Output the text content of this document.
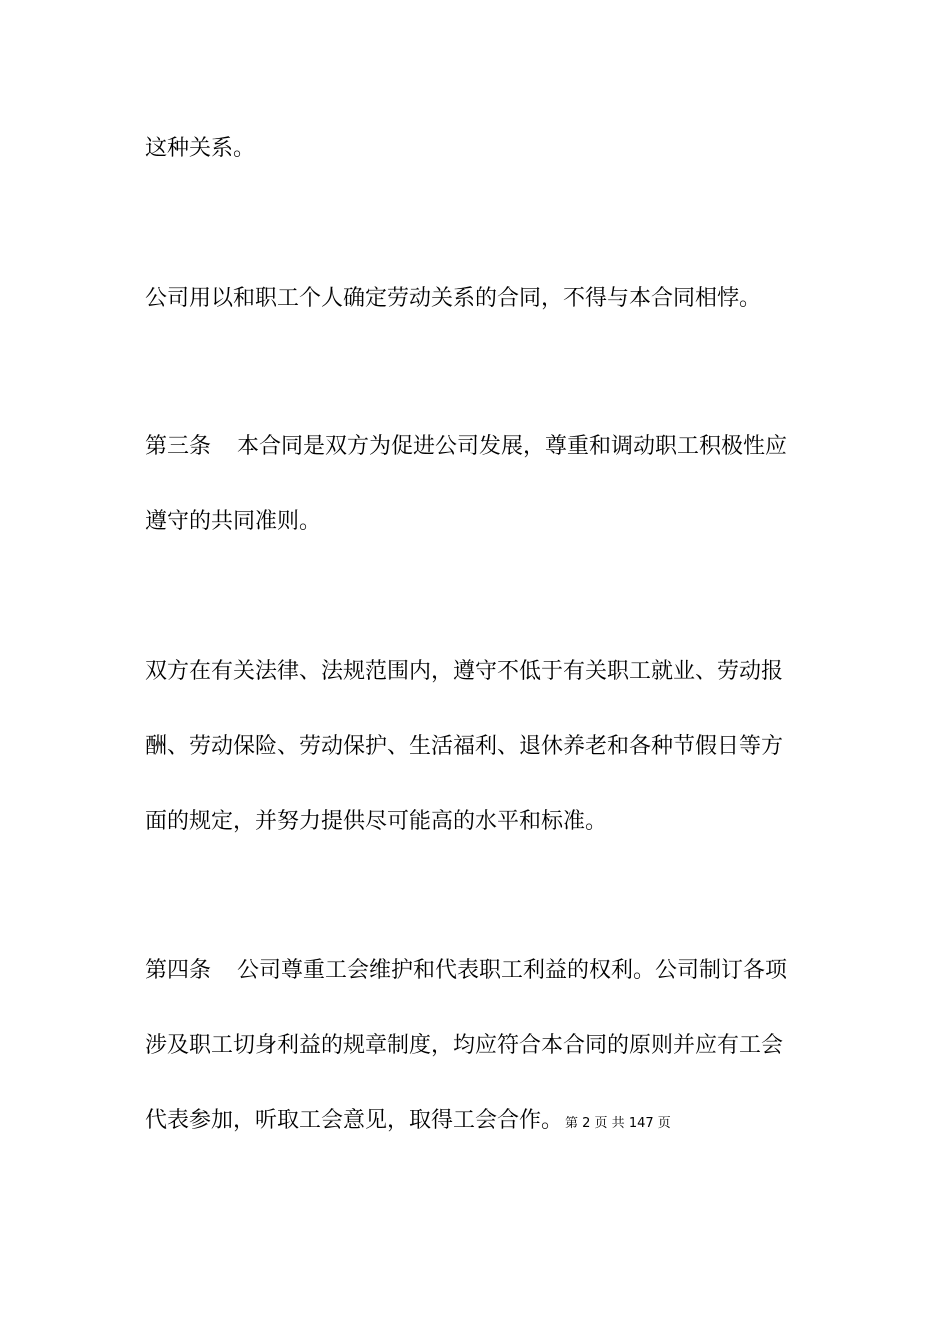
这种关系。

公司用以和职工个人确定劳动关系的合同，不得与本合同相悖。

第三条 本合同是双方为促进公司发展，尊重和调动职工积极性应

遵守的共同准则。

双方在有关法律、法规范围内，遵守不低于有关职工就业、劳动报

酬、劳动保险、劳动保护、生活福利、退休养老和各种节假日等方

面的规定，并努力提供尽可能高的水平和标准。

第四条 公司尊重工会维护和代表职工利益的权利。公司制订各项

涉及职工切身利益的规章制度，均应符合本合同的原则并应有工会

代表参加，听取工会意见，取得工会合作。 第 2 页 共 147 页
